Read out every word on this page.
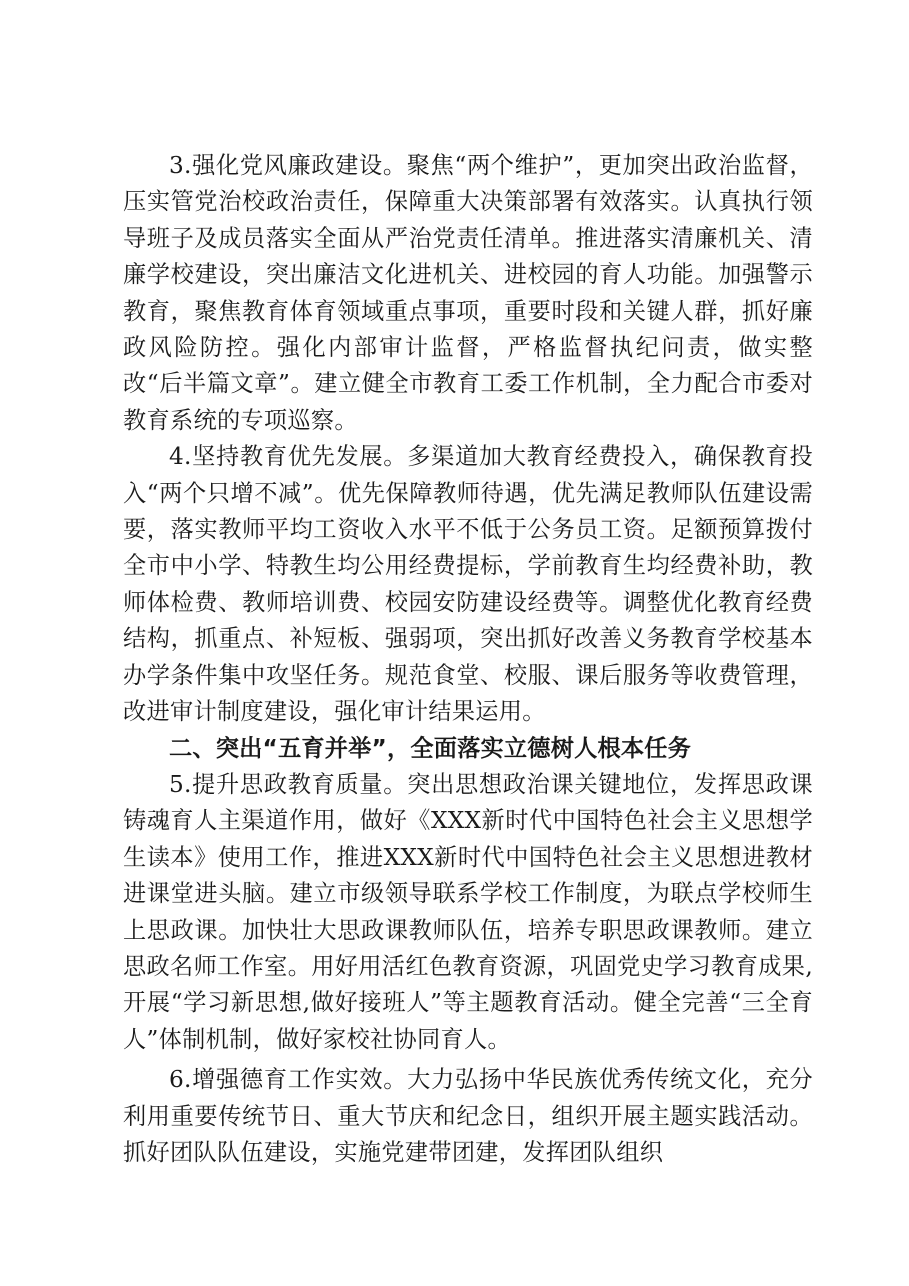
3.强化党风廉政建设。聚焦“两个维护”，更加突出政治监督，压实管党治校政治责任，保障重大决策部署有效落实。认真执行领导班子及成员落实全面从严治党责任清单。推进落实清廉机关、清廉学校建设，突出廉洁文化进机关、进校园的育人功能。加强警示教育，聚焦教育体育领域重点事项，重要时段和关键人群，抓好廉政风险防控。强化内部审计监督，严格监督执纪问责，做实整改“后半篇文章”。建立健全市教育工委工作机制，全力配合市委对教育系统的专项巡察。

4.坚持教育优先发展。多渠道加大教育经费投入，确保教育投入“两个只增不减”。优先保障教师待遇，优先满足教师队伍建设需要，落实教师平均工资收入水平不低于公务员工资。足额预算拨付全市中小学、特教生均公用经费提标，学前教育生均经费补助，教师体检费、教师培训费、校园安防建设经费等。调整优化教育经费结构，抓重点、补短板、强弱项，突出抓好改善义务教育学校基本办学条件集中攻坚任务。规范食堂、校服、课后服务等收费管理，改进审计制度建设，强化审计结果运用。

二、突出“五育并举”，全面落实立德树人根本任务

5.提升思政教育质量。突出思想政治课关键地位，发挥思政课铸魂育人主渠道作用，做好《XXX新时代中国特色社会主义思想学生读本》使用工作，推进XXX新时代中国特色社会主义思想进教材进课堂进头脑。建立市级领导联系学校工作制度，为联点学校师生上思政课。加快壮大思政课教师队伍，培养专职思政课教师。建立思政名师工作室。用好用活红色教育资源，巩固党史学习教育成果,开展“学习新思想,做好接班人”等主题教育活动。健全完善“三全育人”体制机制，做好家校社协同育人。

6.增强德育工作实效。大力弘扬中华民族优秀传统文化，充分利用重要传统节日、重大节庆和纪念日，组织开展主题实践活动。抓好团队队伍建设，实施党建带团建，发挥团队组织
